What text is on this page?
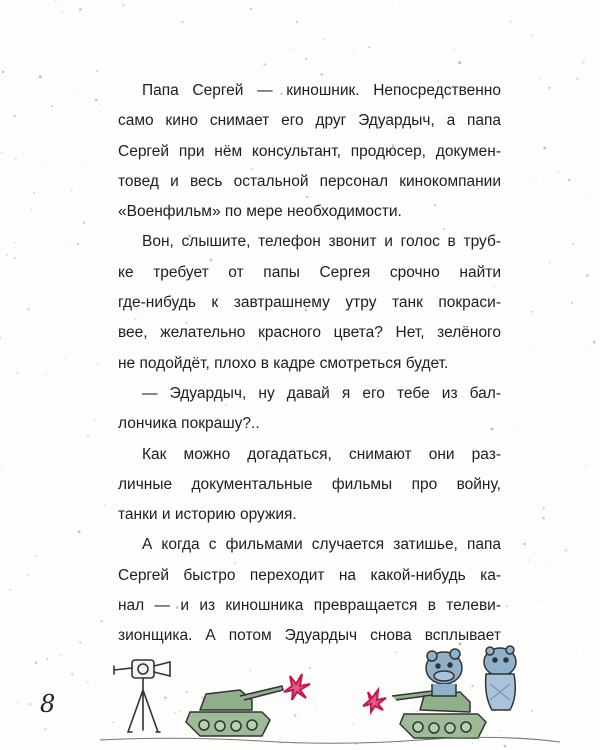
Папа Сергей — киношник. Непосредственно
само кино снимает его друг Эдуардыч, а папа
Сергей при нём консультант, продюсер, докумен-
товед и весь остальной персонал кинокомпании
«Военфильм» по мере необходимости.
Вон, слышите, телефон звонит и голос в труб-
ке требует от папы Сергея срочно найти
где-нибудь к завтрашнему утру танк покраси-
вее, желательно красного цвета? Нет, зелёного
не подойдёт, плохо в кадре смотреться будет.
— Эдуардыч, ну давай я его тебе из бал-
лончика покрашу?..
Как можно догадаться, снимают они раз-
личные документальные фильмы про войну,
танки и историю оружия.
А когда с фильмами случается затишье, папа
Сергей быстро переходит на какой-нибудь ка-
нал — и из киношника превращается в телеви-
зионщика. А потом Эдуардыч снова всплывает
8
